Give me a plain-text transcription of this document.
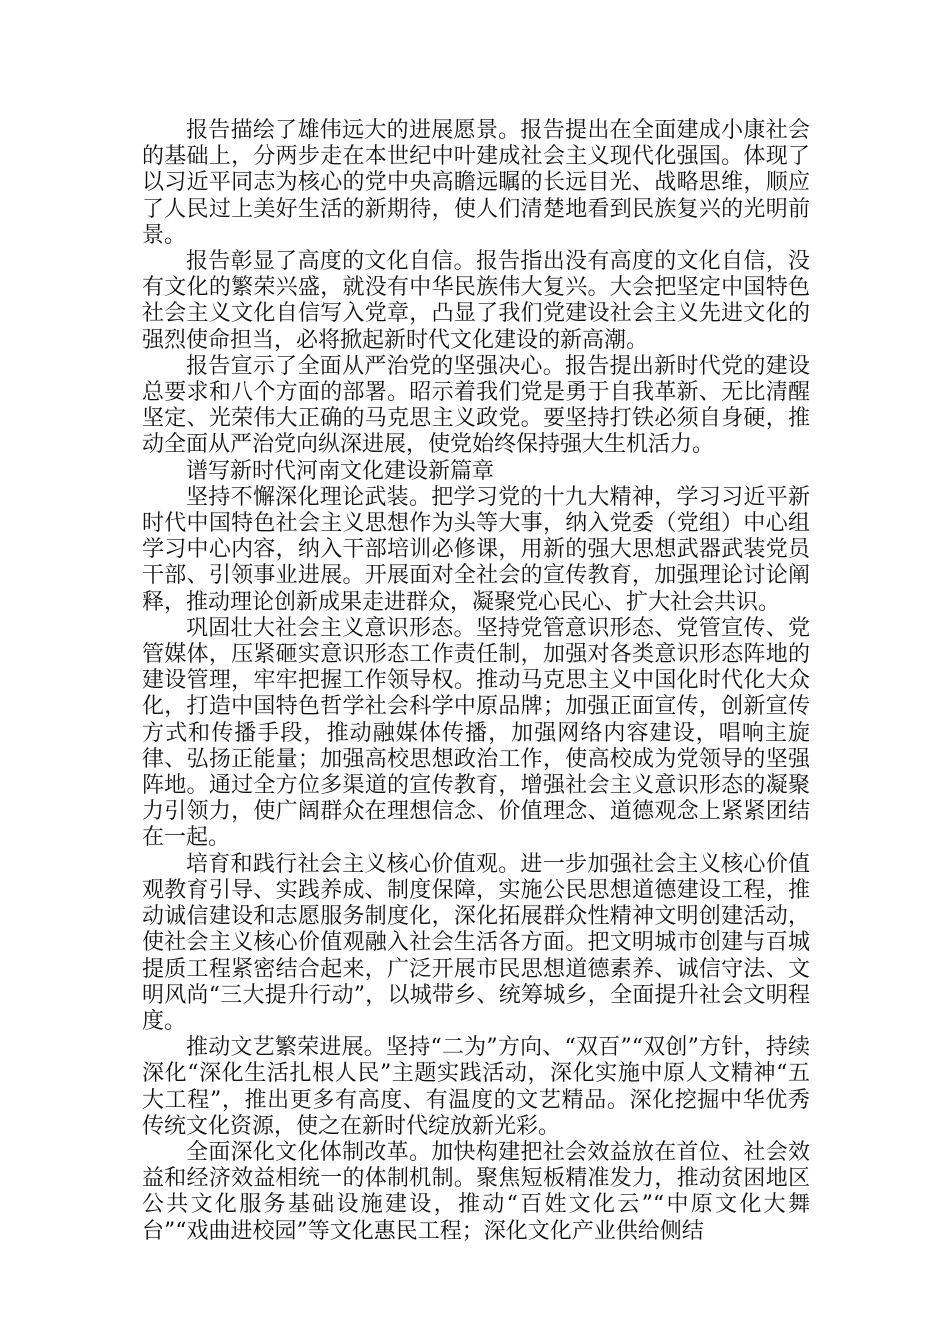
报告描绘了雄伟远大的进展愿景。报告提出在全面建成小康社会的基础上，分两步走在本世纪中叶建成社会主义现代化强国。体现了以习近平同志为核心的党中央高瞻远瞩的长远目光、战略思维，顺应了人民过上美好生活的新期待，使人们清楚地看到民族复兴的光明前景。

报告彰显了高度的文化自信。报告指出没有高度的文化自信，没有文化的繁荣兴盛，就没有中华民族伟大复兴。大会把坚定中国特色社会主义文化自信写入党章，凸显了我们党建设社会主义先进文化的强烈使命担当，必将掀起新时代文化建设的新高潮。

报告宣示了全面从严治党的坚强决心。报告提出新时代党的建设总要求和八个方面的部署。昭示着我们党是勇于自我革新、无比清醒坚定、光荣伟大正确的马克思主义政党。要坚持打铁必须自身硬，推动全面从严治党向纵深进展，使党始终保持强大生机活力。

谱写新时代河南文化建设新篇章

坚持不懈深化理论武装。把学习党的十九大精神，学习习近平新时代中国特色社会主义思想作为头等大事，纳入党委（党组）中心组学习中心内容，纳入干部培训必修课，用新的强大思想武器武装党员干部、引领事业进展。开展面对全社会的宣传教育，加强理论讨论阐释，推动理论创新成果走进群众，凝聚党心民心、扩大社会共识。

巩固壮大社会主义意识形态。坚持党管意识形态、党管宣传、党管媒体，压紧砸实意识形态工作责任制，加强对各类意识形态阵地的建设管理，牢牢把握工作领导权。推动马克思主义中国化时代化大众化，打造中国特色哲学社会科学中原品牌；加强正面宣传，创新宣传方式和传播手段，推动融媒体传播，加强网络内容建设，唱响主旋律、弘扬正能量；加强高校思想政治工作，使高校成为党领导的坚强阵地。通过全方位多渠道的宣传教育，增强社会主义意识形态的凝聚力引领力，使广阔群众在理想信念、价值理念、道德观念上紧紧团结在一起。

培育和践行社会主义核心价值观。进一步加强社会主义核心价值观教育引导、实践养成、制度保障，实施公民思想道德建设工程，推动诚信建设和志愿服务制度化，深化拓展群众性精神文明创建活动，使社会主义核心价值观融入社会生活各方面。把文明城市创建与百城提质工程紧密结合起来，广泛开展市民思想道德素养、诚信守法、文明风尚“三大提升行动”，以城带乡、统筹城乡，全面提升社会文明程度。

推动文艺繁荣进展。坚持“二为”方向、“双百”“双创”方针，持续深化“深化生活扎根人民”主题实践活动，深化实施中原人文精神“五大工程”，推出更多有高度、有温度的文艺精品。深化挖掘中华优秀传统文化资源，使之在新时代绽放新光彩。

全面深化文化体制改革。加快构建把社会效益放在首位、社会效益和经济效益相统一的体制机制。聚焦短板精准发力，推动贫困地区公共文化服务基础设施建设，推动“百姓文化云”“中原文化大舞台”“戏曲进校园”等文化惠民工程；深化文化产业供给侧结
